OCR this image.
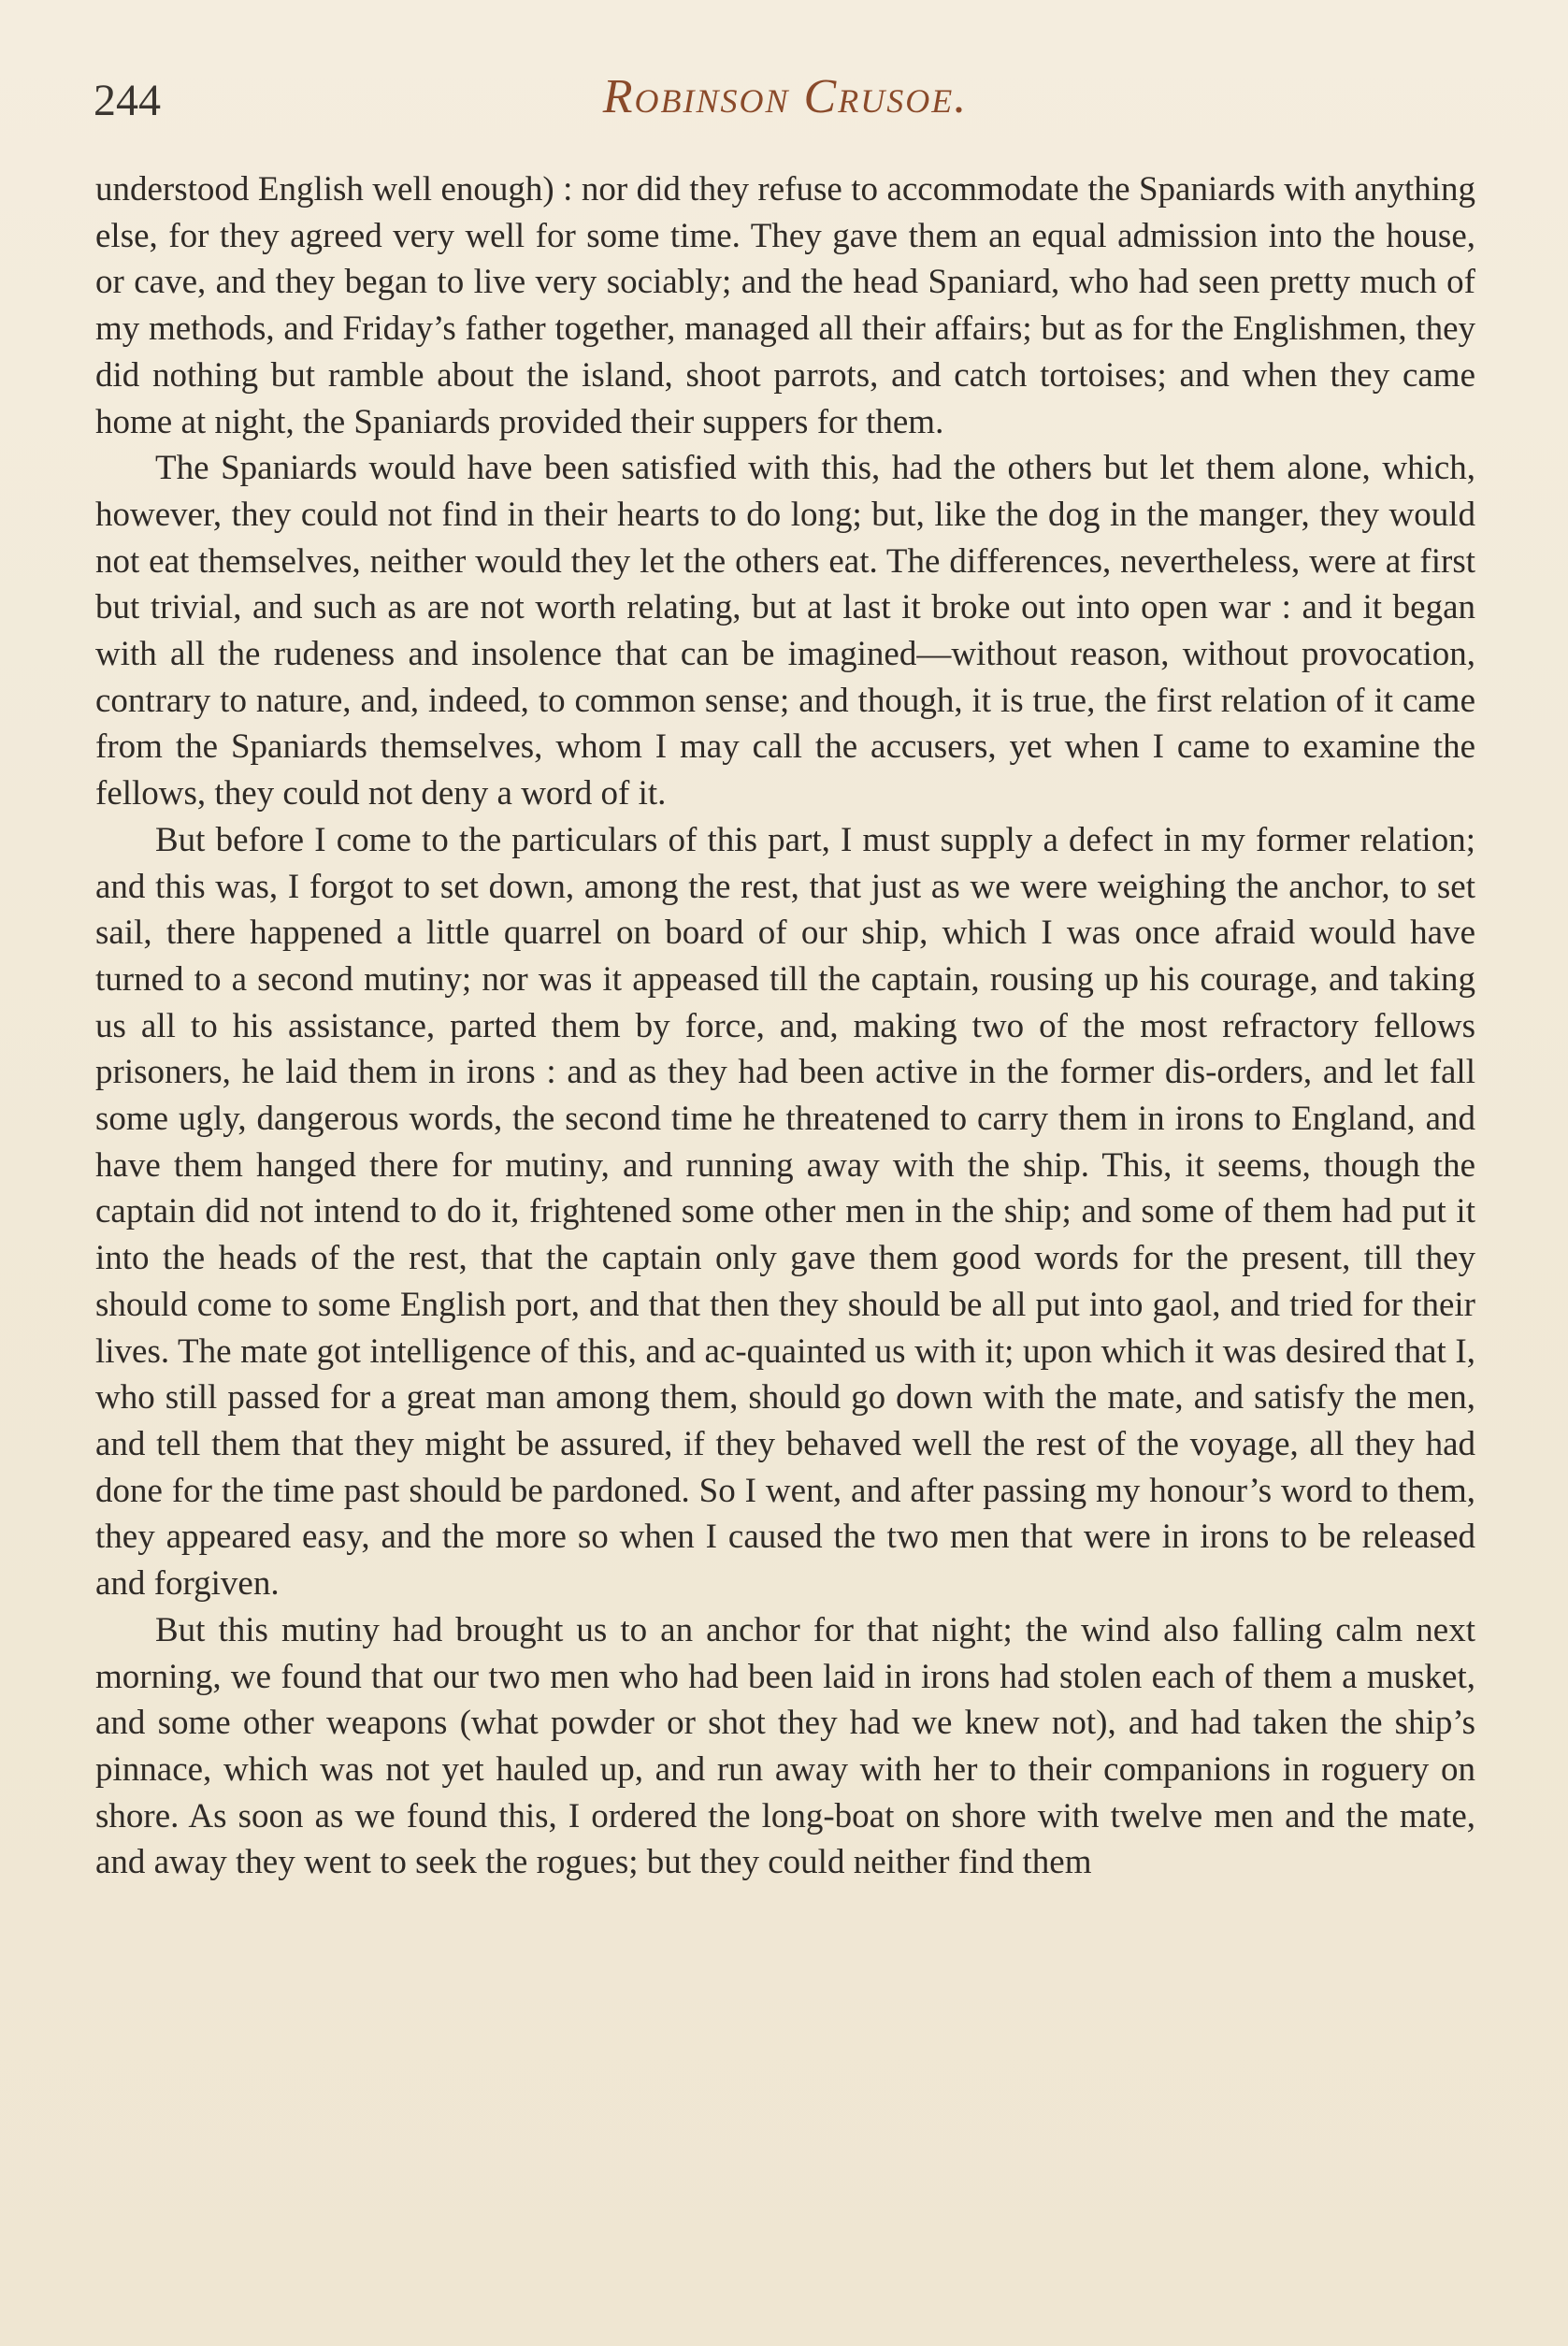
244	Robinson Crusoe.

understood English well enough) : nor did they refuse to accommodate the Spaniards with anything else, for they agreed very well for some time. They gave them an equal admission into the house, or cave, and they began to live very sociably; and the head Spaniard, who had seen pretty much of my methods, and Friday’s father together, managed all their affairs; but as for the Englishmen, they did nothing but ramble about the island, shoot parrots, and catch tortoises; and when they came home at night, the Spaniards provided their suppers for them.

The Spaniards would have been satisfied with this, had the others but let them alone, which, however, they could not find in their hearts to do long; but, like the dog in the manger, they would not eat themselves, neither would they let the others eat. The differences, nevertheless, were at first but trivial, and such as are not worth relating, but at last it broke out into open war : and it began with all the rudeness and insolence that can be imagined—without reason, without provocation, contrary to nature, and, indeed, to common sense; and though, it is true, the first relation of it came from the Spaniards themselves, whom I may call the accusers, yet when I came to examine the fellows, they could not deny a word of it.

But before I come to the particulars of this part, I must supply a defect in my former relation; and this was, I forgot to set down, among the rest, that just as we were weighing the anchor, to set sail, there happened a little quarrel on board of our ship, which I was once afraid would have turned to a second mutiny; nor was it appeased till the captain, rousing up his courage, and taking us all to his assistance, parted them by force, and, making two of the most refractory fellows prisoners, he laid them in irons : and as they had been active in the former dis-orders, and let fall some ugly, dangerous words, the second time he threatened to carry them in irons to England, and have them hanged there for mutiny, and running away with the ship. This, it seems, though the captain did not intend to do it, frightened some other men in the ship; and some of them had put it into the heads of the rest, that the captain only gave them good words for the present, till they should come to some English port, and that then they should be all put into gaol, and tried for their lives. The mate got intelligence of this, and ac-quainted us with it; upon which it was desired that I, who still passed for a great man among them, should go down with the mate, and satisfy the men, and tell them that they might be assured, if they behaved well the rest of the voyage, all they had done for the time past should be pardoned. So I went, and after passing my honour’s word to them, they appeared easy, and the more so when I caused the two men that were in irons to be released and forgiven.

But this mutiny had brought us to an anchor for that night; the wind also falling calm next morning, we found that our two men who had been laid in irons had stolen each of them a musket, and some other weapons (what powder or shot they had we knew not), and had taken the ship’s pinnace, which was not yet hauled up, and run away with her to their companions in roguery on shore. As soon as we found this, I ordered the long-boat on shore with twelve men and the mate, and away they went to seek the rogues; but they could neither find them
